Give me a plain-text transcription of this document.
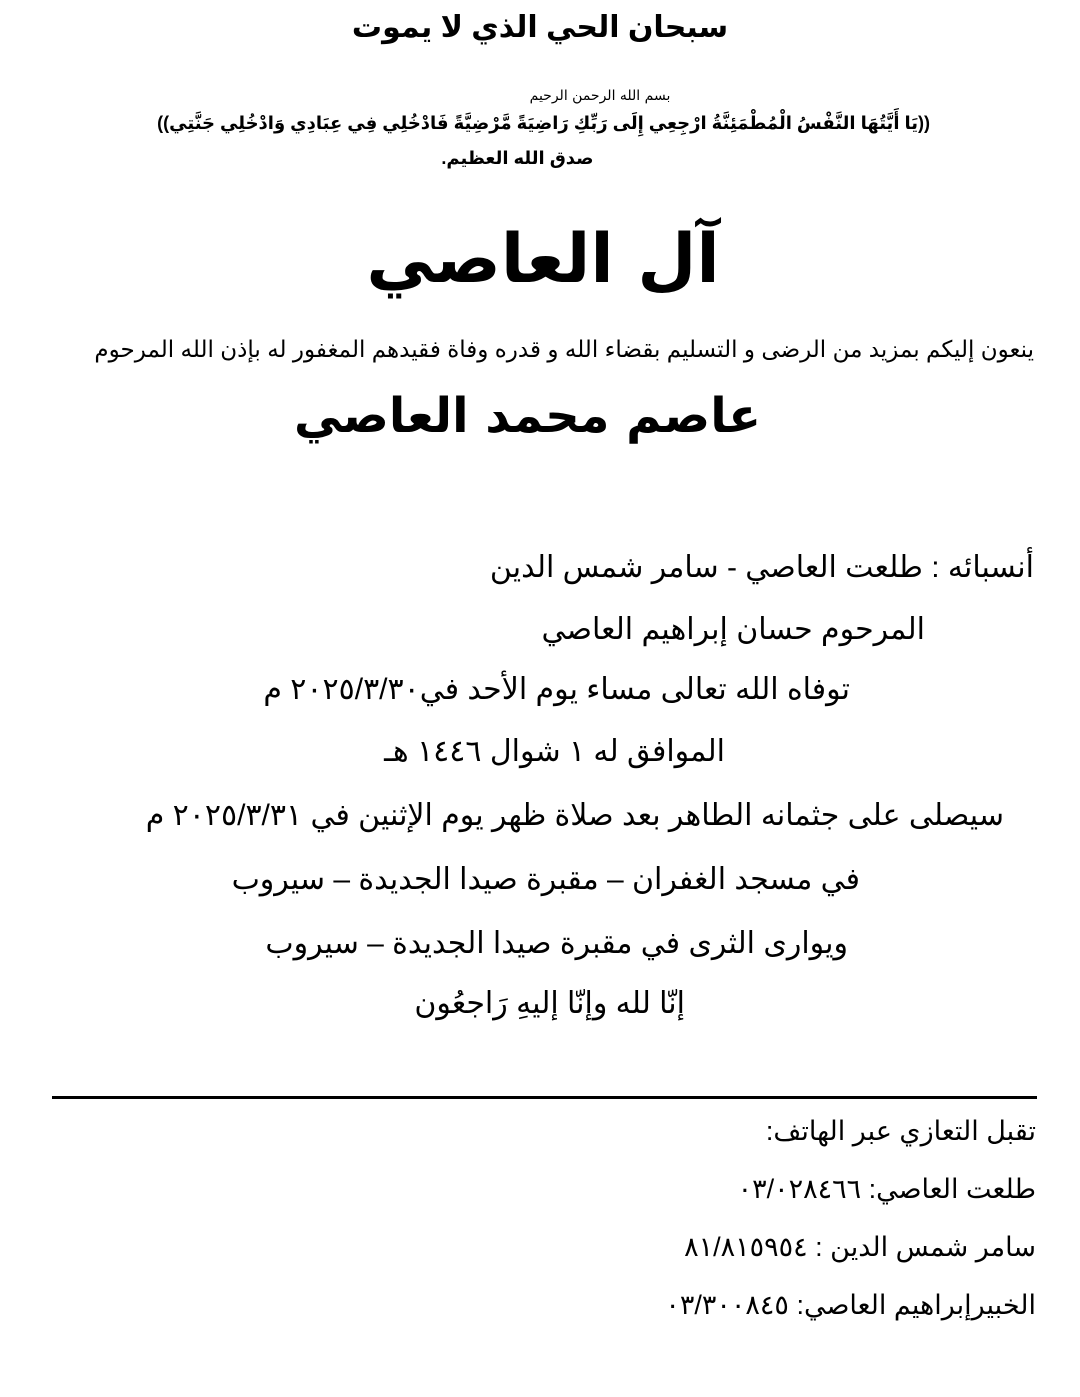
سبحان الحي الذي لا يموت
بسم الله الرحمن الرحيم
((يَا أَيَّتُهَا النَّفْسُ الْمُطْمَئِنَّةُ ارْجِعِي إِلَى رَبِّكِ رَاضِيَةً مَّرْضِيَّةً فَادْخُلِي فِي عِبَادِي وَادْخُلِي جَنَّتِي))
صدق الله العظيم.
آل العاصي
ينعون إليكم بمزيد من الرضى و التسليم بقضاء الله و قدره وفاة فقيدهم المغفور له بإذن الله المرحوم
عاصم محمد العاصي
أنسبائه : طلعت العاصي - سامر شمس الدين
المرحوم حسان إبراهيم العاصي
توفاه الله تعالى مساء يوم الأحد في٢٠٢٥/٣/٣٠ م
الموافق له ١ شوال ١٤٤٦ هـ
سيصلى على جثمانه الطاهر بعد صلاة ظهر يوم الإثنين في ٢٠٢٥/٣/٣١ م
في مسجد الغفران – مقبرة صيدا الجديدة – سيروب
ويوارى الثرى في مقبرة صيدا الجديدة – سيروب
إنّا لله وإنّا إليهِ رَاجعُون
تقبل التعازي عبر الهاتف:
طلعت العاصي: ٠٣/٠٢٨٤٦٦
سامر شمس الدين : ٨١/٨١٥٩٥٤
الخبيرإبراهيم العاصي: ٠٣/٣٠٠٨٤٥
